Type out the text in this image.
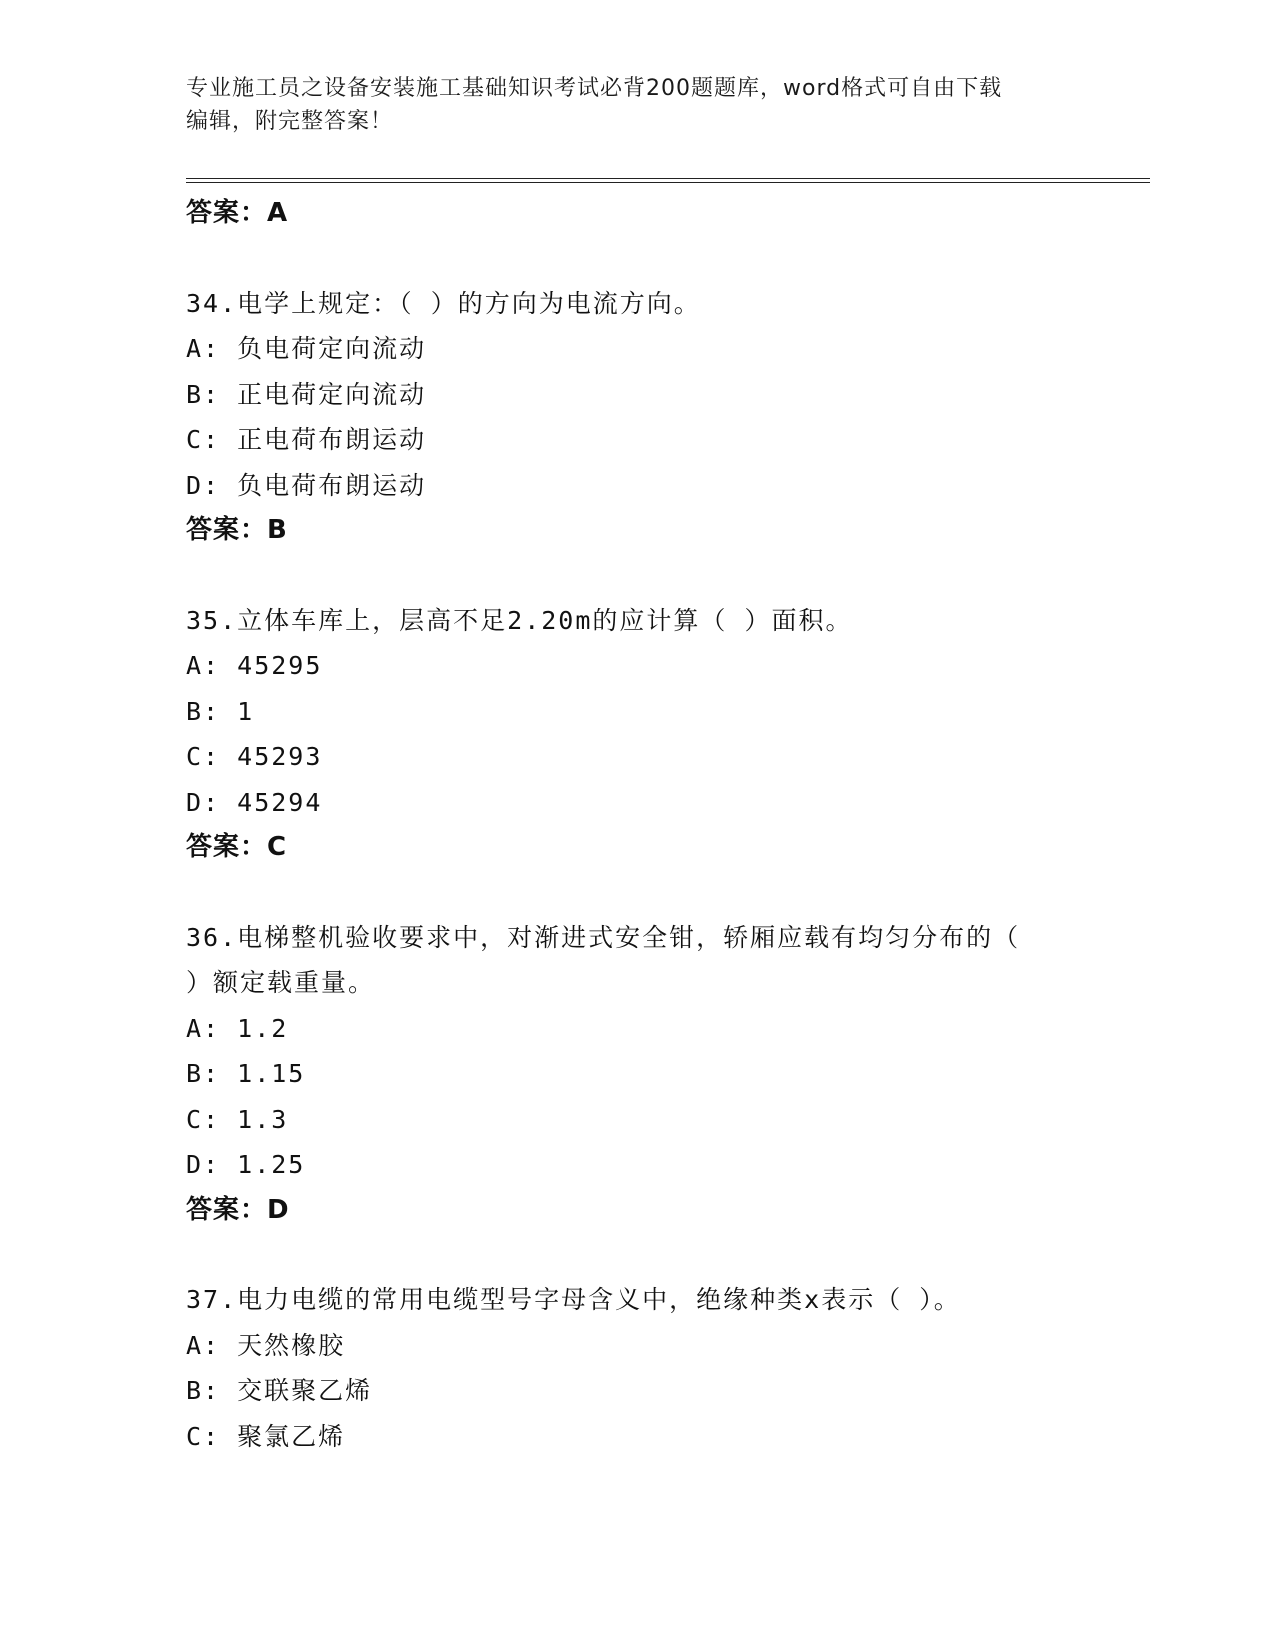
专业施工员之设备安装施工基础知识考试必背200题题库，word格式可自由下载
编辑，附完整答案！
答案：A
34.电学上规定：（ ）的方向为电流方向。
A: 负电荷定向流动
B: 正电荷定向流动
C: 正电荷布朗运动
D: 负电荷布朗运动
答案：B
35.立体车库上，层高不足2.20m的应计算（ ）面积。
A: 45295
B: 1
C: 45293
D: 45294
答案：C
36.电梯整机验收要求中，对渐进式安全钳，轿厢应载有均匀分布的（
）额定载重量。
A: 1.2
B: 1.15
C: 1.3
D: 1.25
答案：D
37.电力电缆的常用电缆型号字母含义中，绝缘种类x表示（ ）。
A: 天然橡胶
B: 交联聚乙烯
C: 聚氯乙烯
